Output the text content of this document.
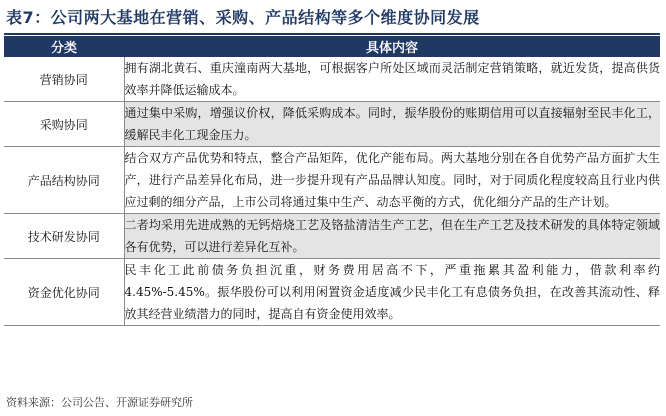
表7：公司两大基地在营销、采购、产品结构等多个维度协同发展
分类	具体内容
营销协同	拥有湖北黄石、重庆潼南两大基地，可根据客户所处区域而灵活制定营销策略，就近发货，提高供货效率并降低运输成本。
采购协同	通过集中采购，增强议价权，降低采购成本。同时，振华股份的账期信用可以直接辐射至民丰化工，缓解民丰化工现金压力。
产品结构协同	结合双方产品优势和特点，整合产品矩阵，优化产能布局。两大基地分别在各自优势产品方面扩大生产，进行产品差异化布局，进一步提升现有产品品牌认知度。同时，对于同质化程度较高且行业内供应过剩的细分产品，上市公司将通过集中生产、动态平衡的方式，优化细分产品的生产计划。
技术研发协同	二者均采用先进成熟的无钙焙烧工艺及铬盐清洁生产工艺，但在生产工艺及技术研发的具体特定领域各有优势，可以进行差异化互补。
资金优化协同	民丰化工此前债务负担沉重，财务费用居高不下，严重拖累其盈利能力，借款利率约 4.45%-5.45%。振华股份可以利用闲置资金适度减少民丰化工有息债务负担，在改善其流动性、释放其经营业绩潜力的同时，提高自有资金使用效率。
资料来源：公司公告、开源证券研究所
